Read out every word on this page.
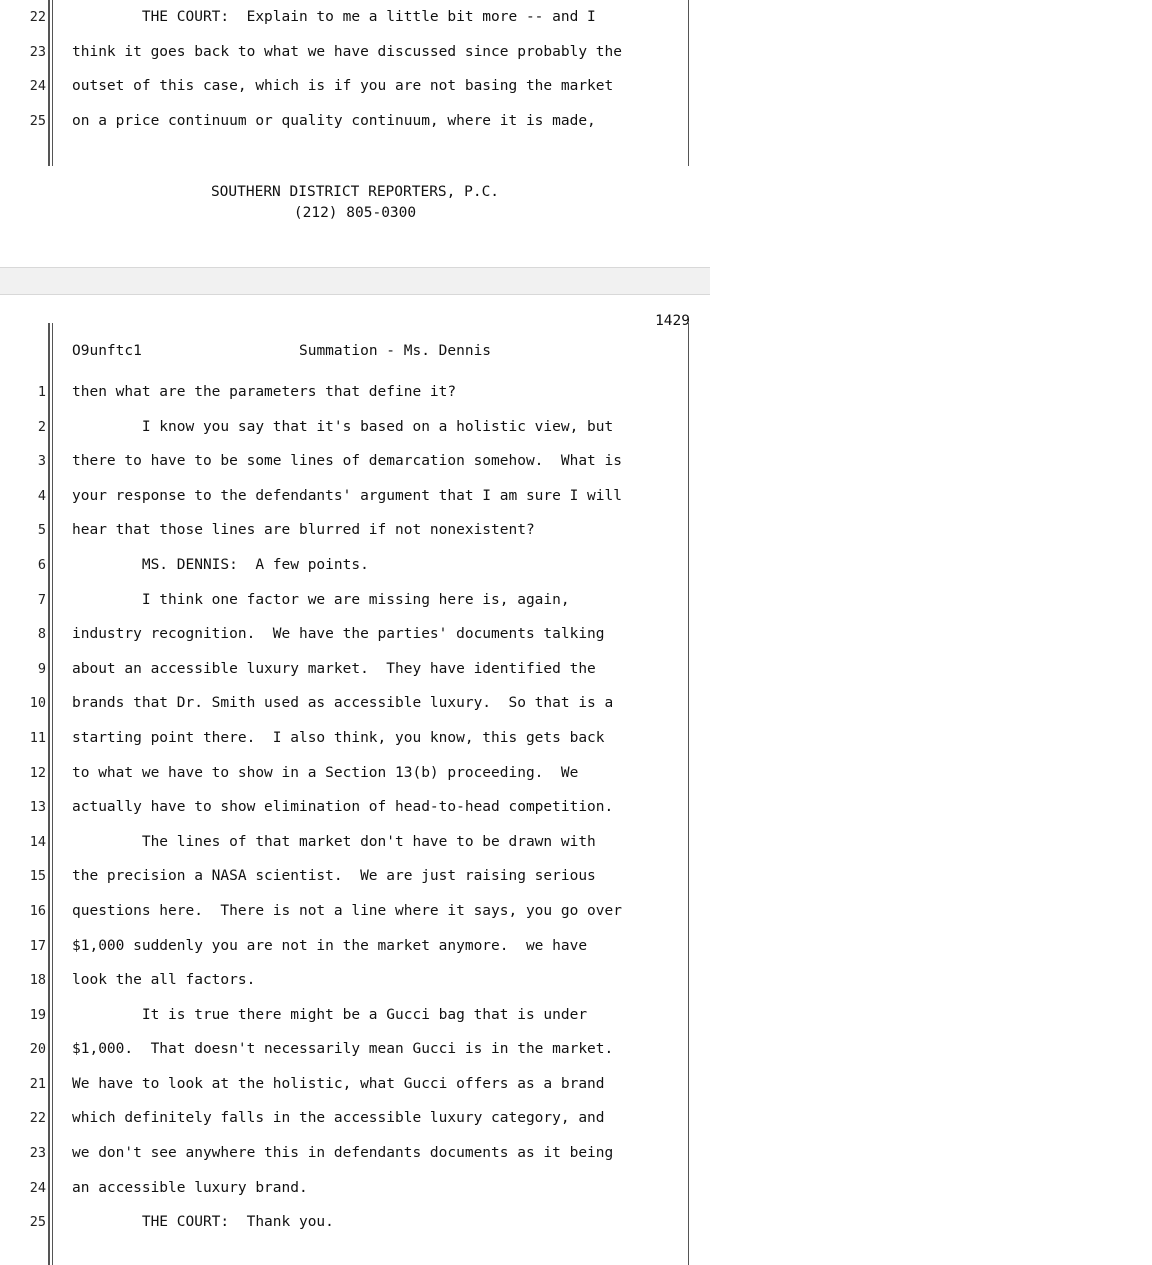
22 THE COURT:  Explain to me a little bit more -- and I
23 think it goes back to what we have discussed since probably the
24 outset of this case, which is if you are not basing the market
25 on a price continuum or quality continuum, where it is made,
SOUTHERN DISTRICT REPORTERS, P.C.
(212) 805-0300
1429
O9unftc1	Summation - Ms. Dennis
1 then what are the parameters that define it?
2 I know you say that it's based on a holistic view, but
3 there to have to be some lines of demarcation somehow.  What is
4 your response to the defendants' argument that I am sure I will
5 hear that those lines are blurred if not nonexistent?
6 MS. DENNIS:  A few points.
7 I think one factor we are missing here is, again,
8 industry recognition.  We have the parties' documents talking
9 about an accessible luxury market.  They have identified the
10 brands that Dr. Smith used as accessible luxury.  So that is a
11 starting point there.  I also think, you know, this gets back
12 to what we have to show in a Section 13(b) proceeding.  We
13 actually have to show elimination of head-to-head competition.
14 The lines of that market don't have to be drawn with
15 the precision a NASA scientist.  We are just raising serious
16 questions here.  There is not a line where it says, you go over
17 $1,000 suddenly you are not in the market anymore.  we have
18 look the all factors.
19 It is true there might be a Gucci bag that is under
20 $1,000.  That doesn't necessarily mean Gucci is in the market.
21 We have to look at the holistic, what Gucci offers as a brand
22 which definitely falls in the accessible luxury category, and
23 we don't see anywhere this in defendants documents as it being
24 an accessible luxury brand.
25 THE COURT:  Thank you.
